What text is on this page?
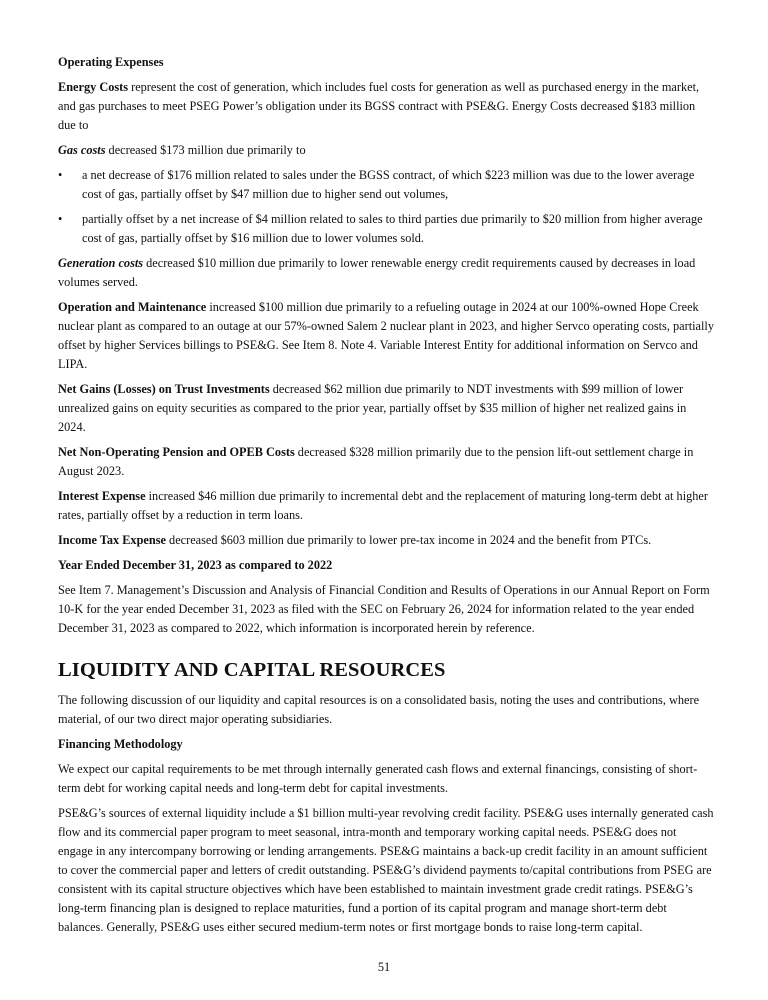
Operating Expenses

Energy Costs represent the cost of generation, which includes fuel costs for generation as well as purchased energy in the market, and gas purchases to meet PSEG Power’s obligation under its BGSS contract with PSE&G. Energy Costs decreased $183 million due to

Gas costs decreased $173 million due primarily to

• a net decrease of $176 million related to sales under the BGSS contract, of which $223 million was due to the lower average cost of gas, partially offset by $47 million due to higher send out volumes,
• partially offset by a net increase of $4 million related to sales to third parties due primarily to $20 million from higher average cost of gas, partially offset by $16 million due to lower volumes sold.

Generation costs decreased $10 million due primarily to lower renewable energy credit requirements caused by decreases in load volumes served.

Operation and Maintenance increased $100 million due primarily to a refueling outage in 2024 at our 100%-owned Hope Creek nuclear plant as compared to an outage at our 57%-owned Salem 2 nuclear plant in 2023, and higher Servco operating costs, partially offset by higher Services billings to PSE&G. See Item 8. Note 4. Variable Interest Entity for additional information on Servco and LIPA.

Net Gains (Losses) on Trust Investments decreased $62 million due primarily to NDT investments with $99 million of lower unrealized gains on equity securities as compared to the prior year, partially offset by $35 million of higher net realized gains in 2024.

Net Non-Operating Pension and OPEB Costs decreased $328 million primarily due to the pension lift-out settlement charge in August 2023.

Interest Expense increased $46 million due primarily to incremental debt and the replacement of maturing long-term debt at higher rates, partially offset by a reduction in term loans.

Income Tax Expense decreased $603 million due primarily to lower pre-tax income in 2024 and the benefit from PTCs.

Year Ended December 31, 2023 as compared to 2022

See Item 7. Management’s Discussion and Analysis of Financial Condition and Results of Operations in our Annual Report on Form 10-K for the year ended December 31, 2023 as filed with the SEC on February 26, 2024 for information related to the year ended December 31, 2023 as compared to 2022, which information is incorporated herein by reference.

LIQUIDITY AND CAPITAL RESOURCES

The following discussion of our liquidity and capital resources is on a consolidated basis, noting the uses and contributions, where material, of our two direct major operating subsidiaries.

Financing Methodology

We expect our capital requirements to be met through internally generated cash flows and external financings, consisting of short-term debt for working capital needs and long-term debt for capital investments.

PSE&G’s sources of external liquidity include a $1 billion multi-year revolving credit facility. PSE&G uses internally generated cash flow and its commercial paper program to meet seasonal, intra-month and temporary working capital needs. PSE&G does not engage in any intercompany borrowing or lending arrangements. PSE&G maintains a back-up credit facility in an amount sufficient to cover the commercial paper and letters of credit outstanding. PSE&G’s dividend payments to/capital contributions from PSEG are consistent with its capital structure objectives which have been established to maintain investment grade credit ratings. PSE&G’s long-term financing plan is designed to replace maturities, fund a portion of its capital program and manage short-term debt balances. Generally, PSE&G uses either secured medium-term notes or first mortgage bonds to raise long-term capital.

51
